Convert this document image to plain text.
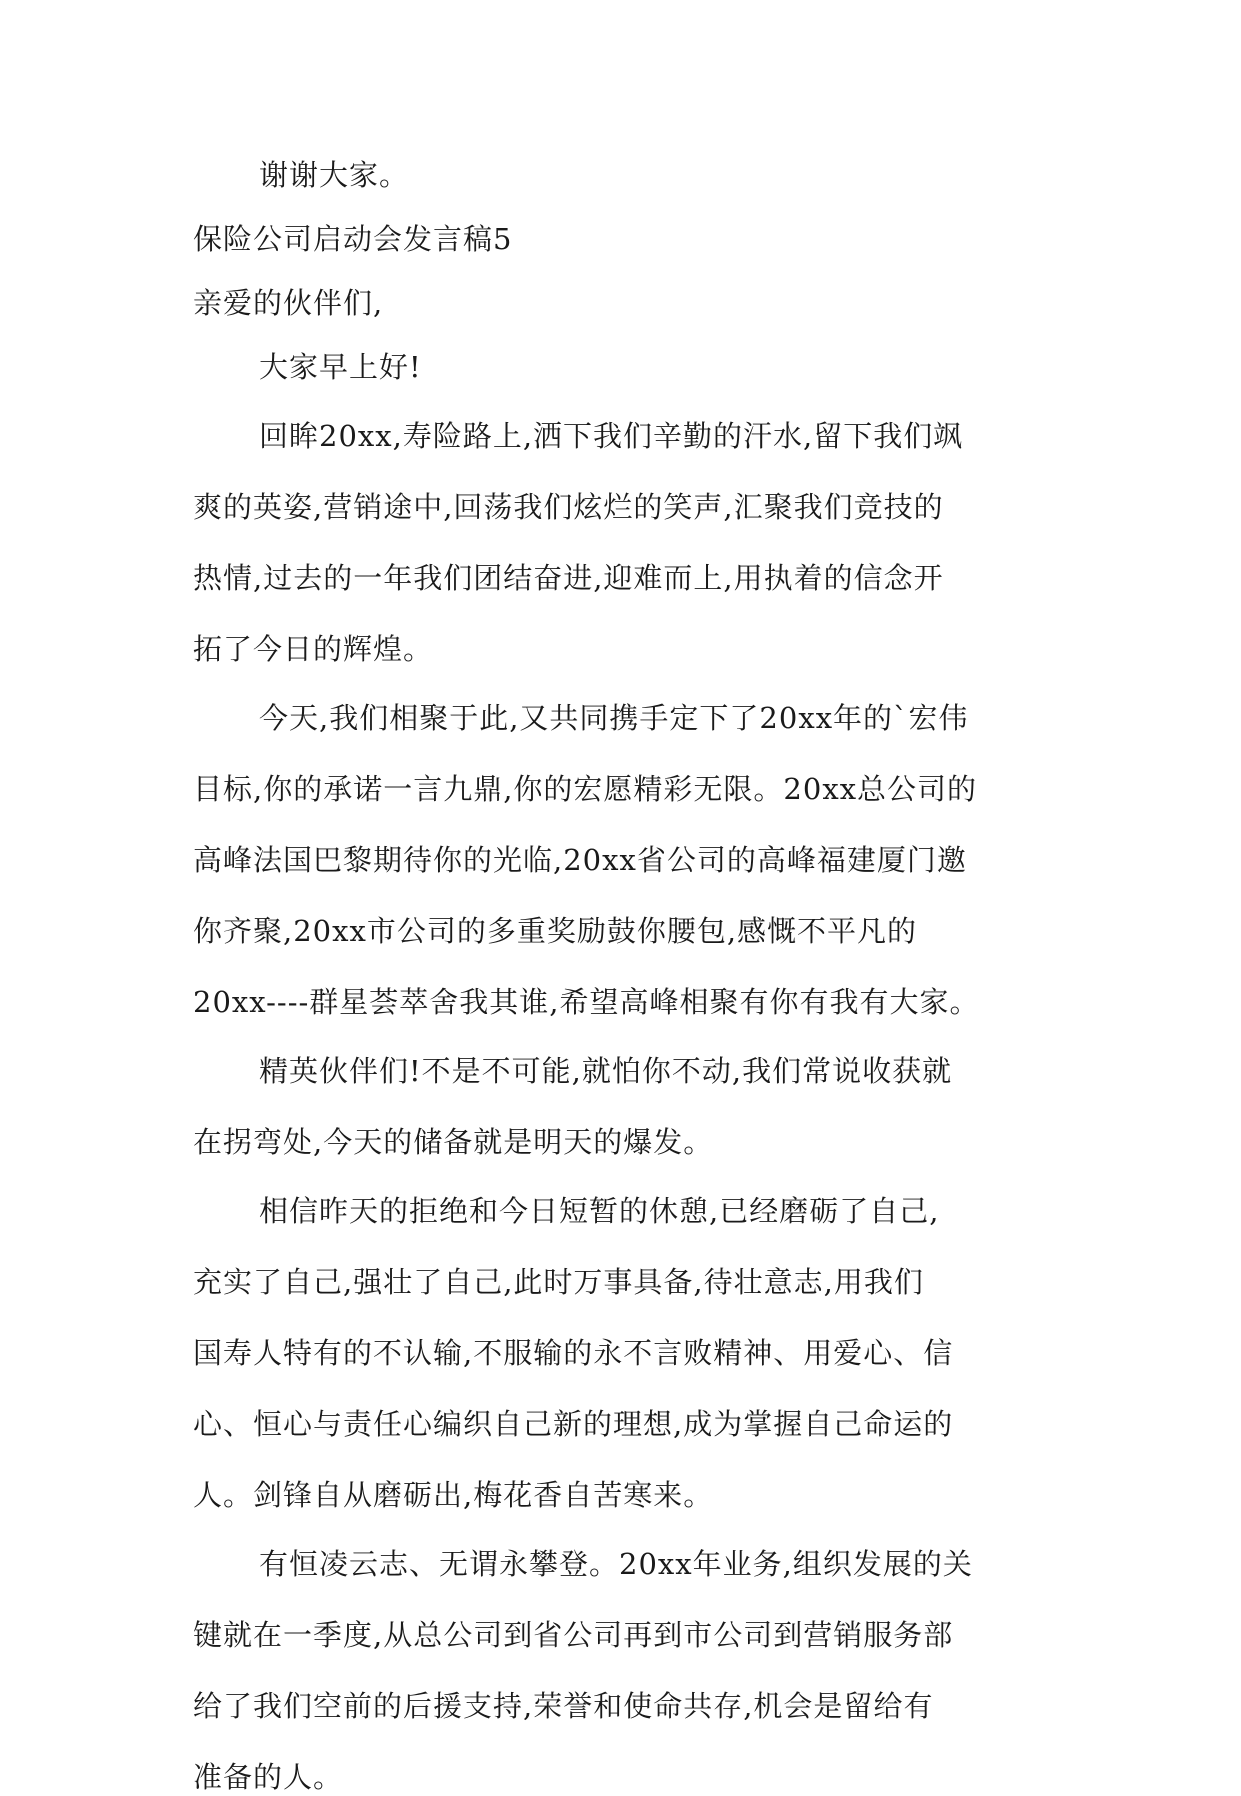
谢谢大家。

保险公司启动会发言稿5

亲爱的伙伴们,

大家早上好!

回眸20xx,寿险路上,洒下我们辛勤的汗水,留下我们飒

爽的英姿,营销途中,回荡我们炫烂的笑声,汇聚我们竞技的

热情,过去的一年我们团结奋进,迎难而上,用执着的信念开

拓了今日的辉煌。

今天,我们相聚于此,又共同携手定下了20xx年的`宏伟

目标,你的承诺一言九鼎,你的宏愿精彩无限。20xx总公司的

高峰法国巴黎期待你的光临,20xx省公司的高峰福建厦门邀

你齐聚,20xx市公司的多重奖励鼓你腰包,感慨不平凡的

20xx----群星荟萃舍我其谁,希望高峰相聚有你有我有大家。

精英伙伴们!不是不可能,就怕你不动,我们常说收获就

在拐弯处,今天的储备就是明天的爆发。

相信昨天的拒绝和今日短暂的休憩,已经磨砺了自己,

充实了自己,强壮了自己,此时万事具备,待壮意志,用我们

国寿人特有的不认输,不服输的永不言败精神、用爱心、信

心、恒心与责任心编织自己新的理想,成为掌握自己命运的

人。剑锋自从磨砺出,梅花香自苦寒来。

有恒凌云志、无谓永攀登。20xx年业务,组织发展的关

键就在一季度,从总公司到省公司再到市公司到营销服务部

给了我们空前的后援支持,荣誉和使命共存,机会是留给有

准备的人。
